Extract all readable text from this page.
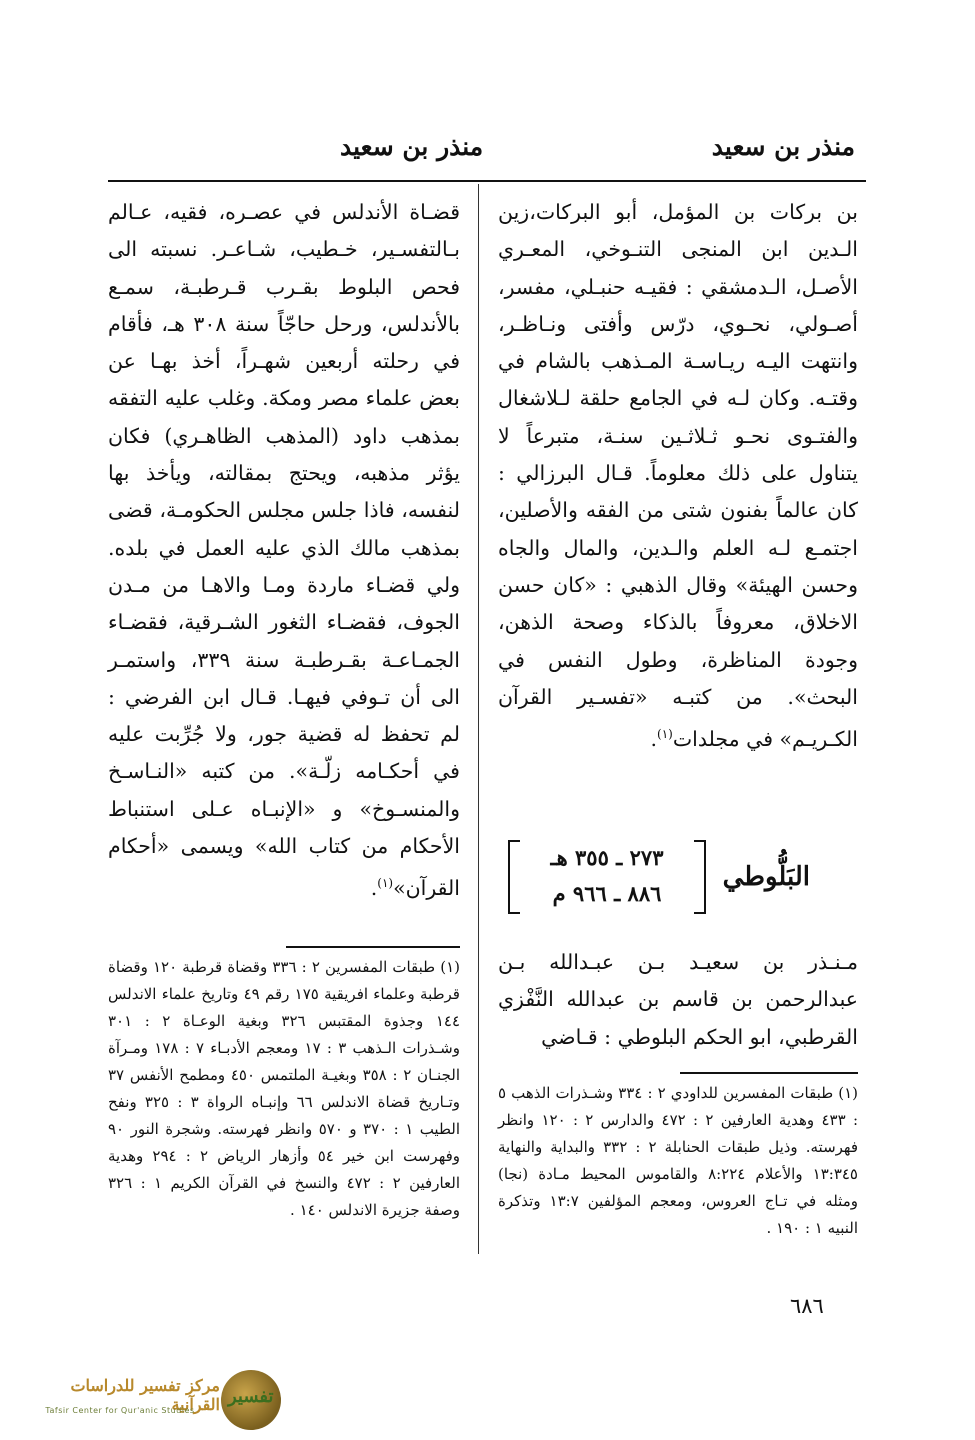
منذر بن سعيد
منذر بن سعيد
بن بركات بن المؤمل، أبو البركات،زين الـدين ابن المنجى التنـوخي، المعـري الأصـل، الـدمشقي : فقيـه حنبـلي، مفسر، أصـولي، نحـوي، درّس وأفتى ونـاظـر، وانتهت اليـه ريـاسـة المـذهب بالشام في وقتـه. وكان لـه في الجامع حلقة لـلاشغال والفتـوى نحـو ثـلاثـين سنـة، متبرعاً لا يتناول على ذلك معلوماً. قـال البرزالي : كان عالماً بفنون شتى من الفقه والأصلين، اجتمـع لـه العلم والـدين، والمال والجاه وحسن الهيئة» وقال الذهبي : «كان حسن الاخلاق، معروفاً بالذكاء وصحة الذهن، وجودة المناظرة، وطول النفس في البحث». من كتبـه «تفسـير القرآن الكـريـم» في مجلدات$^{(١)}$.
البَلُّوطي
٢٧٣ ـ ٣٥٥ هـ
٨٨٦ ـ ٩٦٦ م
مـنـذر بن سعيـد بـن عبـدالله بـن عبدالرحمن بن قاسم بن عبدالله النَّفْزي القرطبي، ابو الحكم البلوطي : قـاضي
قضـاة الأندلس في عصـره، فقيه، عـالم بـالتفسـير، خـطيب، شـاعـر. نسبته الى فحص البلوط بقـرب قـرطبـة، سمـع بالأندلس، ورحل حاجّاً سنة ٣٠٨ هـ، فأقام في رحلته أربعين شهـراً، أخذ بهـا عن بعض علماء مصر ومكة. وغلب عليه التفقه بمذهب داود (المذهب الظاهـري) فكان يؤثر مذهبه، ويحتج بمقالته، ويأخذ بها لنفسه، فاذا جلس مجلس الحكومـة، قضى بمذهب مالك الذي عليه العمل في بلده. ولي قضـاء ماردة ومـا والاهـا من مـدن الجوف، فقضـاء الثغور الشـرقية، فقضـاء الجمـاعـة بقـرطبـة سنة ٣٣٩، واستمـر الى أن تـوفي فيهـا. قـال ابن الفرضي : لم تحفظ له قضية جور، ولا جُرِّبت عليه في أحكـامه زلّـة». من كتبه «النـاسـخ والمنسـوخ» و «الإنبـاه عـلى استنباط الأحكام من كتاب الله» ويسمى «أحكام القرآن»$^{(١)}$.
(١) طبقات المفسرين للداودي ٢ : ٣٣٤ وشـذرات الذهب ٥ : ٤٣٣ وهدية العارفين ٢ : ٤٧٢ والدارس ٢ : ١٢٠ وانظر فهرسته. وذيل طبقات الحنابلة ٢ : ٣٣٢ والبداية والنهاية ١٣:٣٤٥ والأعلام ٨:٢٢٤ والقاموس المحيط مـادة (نجا) ومثله في تـاج العروس، ومعجم المؤلفين ١٣:٧ وتذكرة النبيه ١ : ١٩٠ .
(١) طبقات المفسرين ٢ : ٣٣٦ وقضاة قرطبة ١٢٠ وقضاة قرطبة وعلماء افريقية ١٧٥ رقم ٤٩ وتاريخ علماء الاندلس ١٤٤ وجذوة المقتبس ٣٢٦ وبغية الوعـاة ٢ : ٣٠١ وشـذرات الـذهب ٣ : ١٧ ومعجم الأدبـاء ٧ : ١٧٨ ومـرآة الجنـان ٢ : ٣٥٨ وبغيـة الملتمس ٤٥٠ ومطمح الأنفس ٣٧ وتـاريخ قضاة الاندلس ٦٦ وإنبـاه الرواة ٣ : ٣٢٥ ونفح الطيب ١ : ٣٧٠ و ٥٧٠ وانظر فهرسته. وشجرة النور ٩٠ وفهرست ابن خير ٥٤ وأزهار الرياض ٢ : ٢٩٤ وهدية العارفين ٢ : ٤٧٢ والنسخ في القرآن الكريم ١ : ٣٢٦ وصفة جزيرة الاندلس ١٤٠ .
٦٨٦
تفسير
مركز تفسير للدراسات القرآنية
Tafsir Center for Qur'anic Studies
